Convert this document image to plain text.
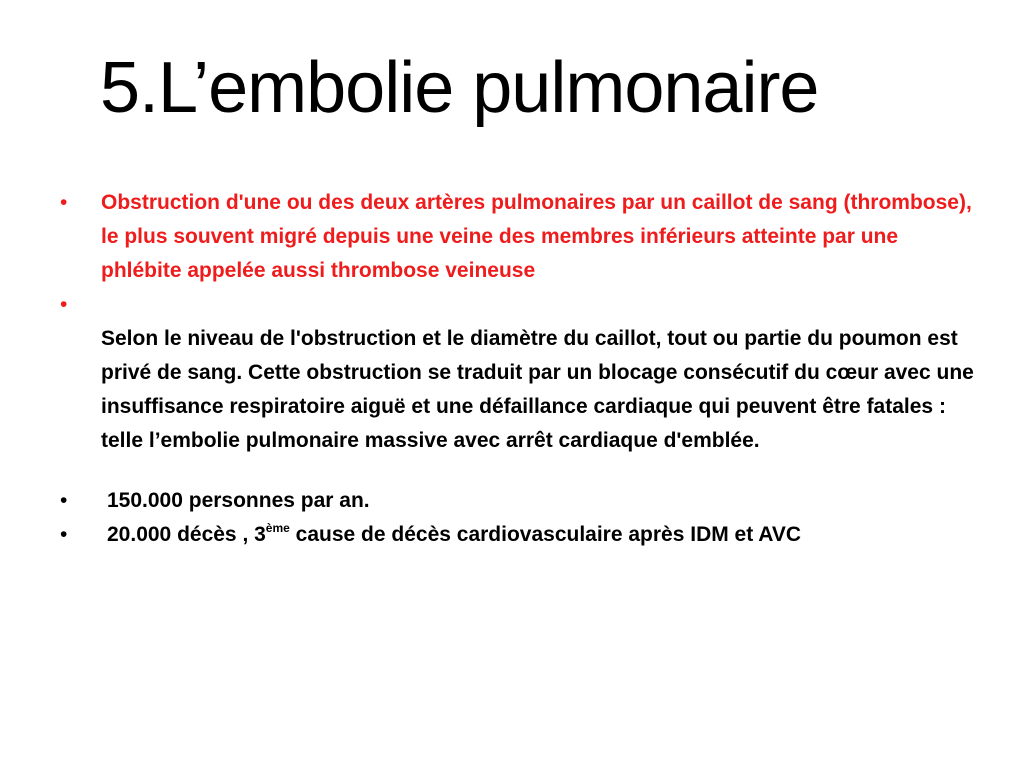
5.L’embolie pulmonaire
• Obstruction d'une ou des deux artères pulmonaires par un caillot de sang (thrombose), le plus souvent migré depuis une veine des membres inférieurs atteinte par une phlébite appelée aussi thrombose veineuse
•
Selon le niveau de l'obstruction et le diamètre du caillot, tout ou partie du poumon est privé de sang. Cette obstruction se traduit par un blocage consécutif du cœur avec une insuffisance respiratoire aiguë et une défaillance cardiaque qui peuvent être fatales : telle l’embolie pulmonaire massive avec arrêt cardiaque d'emblée.
• 150.000 personnes par an.
• 20.000 décès , 3ème cause de décès cardiovasculaire après IDM et AVC
